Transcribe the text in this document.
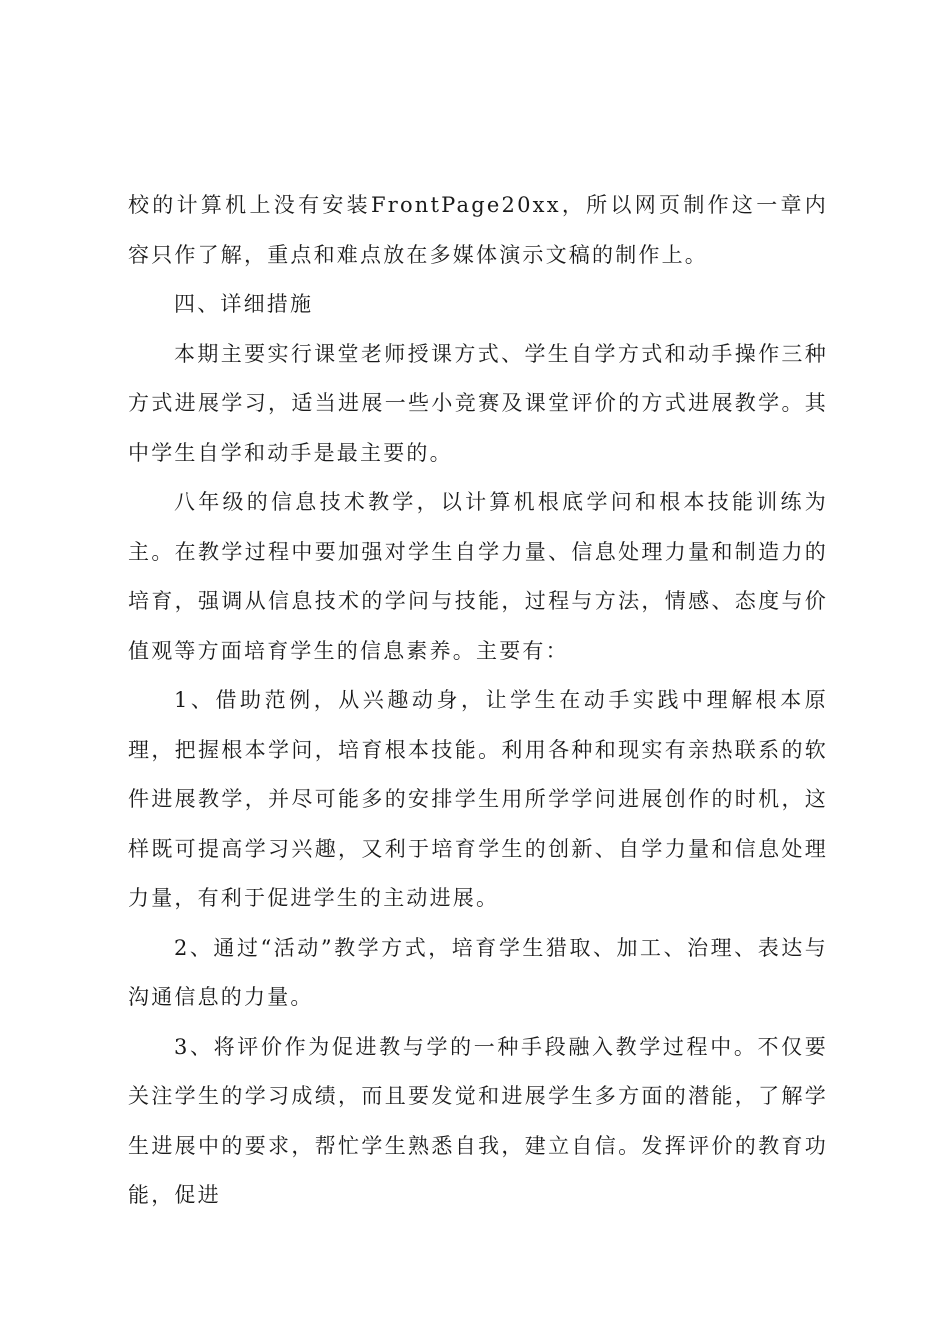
校的计算机上没有安装FrontPage20xx，所以网页制作这一章内容只作了解，重点和难点放在多媒体演示文稿的制作上。

四、详细措施

本期主要实行课堂老师授课方式、学生自学方式和动手操作三种方式进展学习，适当进展一些小竞赛及课堂评价的方式进展教学。其中学生自学和动手是最主要的。

八年级的信息技术教学，以计算机根底学问和根本技能训练为主。在教学过程中要加强对学生自学力量、信息处理力量和制造力的培育，强调从信息技术的学问与技能，过程与方法，情感、态度与价值观等方面培育学生的信息素养。主要有：

1、借助范例，从兴趣动身，让学生在动手实践中理解根本原理，把握根本学问，培育根本技能。利用各种和现实有亲热联系的软件进展教学，并尽可能多的安排学生用所学学问进展创作的时机，这样既可提高学习兴趣，又利于培育学生的创新、自学力量和信息处理力量，有利于促进学生的主动进展。

2、通过“活动”教学方式，培育学生猎取、加工、治理、表达与沟通信息的力量。

3、将评价作为促进教与学的一种手段融入教学过程中。不仅要关注学生的学习成绩，而且要发觉和进展学生多方面的潜能，了解学生进展中的要求，帮忙学生熟悉自我，建立自信。发挥评价的教育功能，促进
